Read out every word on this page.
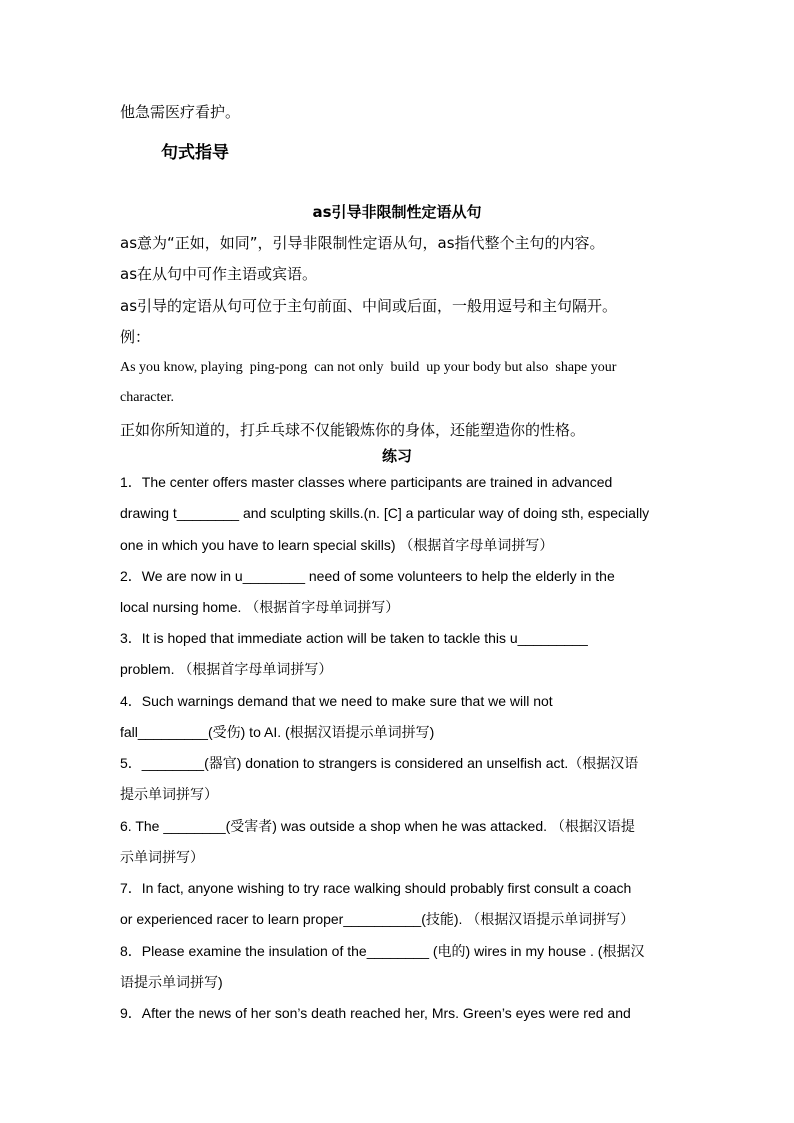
他急需医疗看护。
句式指导
as引导非限制性定语从句
as意为“正如，如同”，引导非限制性定语从句，as指代整个主句的内容。
as在从句中可作主语或宾语。
as引导的定语从句可位于主句前面、中间或后面，一般用逗号和主句隔开。
例：
As you know, playing  ping-pong  can not only  build  up your body but also  shape your
character.
正如你所知道的，打乒乓球不仅能锻炼你的身体，还能塑造你的性格。
练习
1．The center offers master classes where participants are trained in advanced
drawing t________ and sculpting skills.(n. [C] a particular way of doing sth, especially
one in which you have to learn special skills) （根据首字母单词拼写）
2．We are now in u________ need of some volunteers to help the elderly in the
local nursing home. （根据首字母单词拼写）
3．It is hoped that immediate action will be taken to tackle this u_________
problem. （根据首字母单词拼写）
4．Such warnings demand that we need to make sure that we will not
fall_________(受伤) to AI. (根据汉语提示单词拼写)
5．________(器官) donation to strangers is considered an unselfish act.（根据汉语
提示单词拼写）
6. The ________(受害者) was outside a shop when he was attacked. （根据汉语提
示单词拼写）
7．In fact, anyone wishing to try race walking should probably first consult a coach
or experienced racer to learn proper__________(技能). （根据汉语提示单词拼写）
8．Please examine the insulation of the________ (电的) wires in my house . (根据汉
语提示单词拼写)
9．After the news of her son’s death reached her, Mrs. Green’s eyes were red and
